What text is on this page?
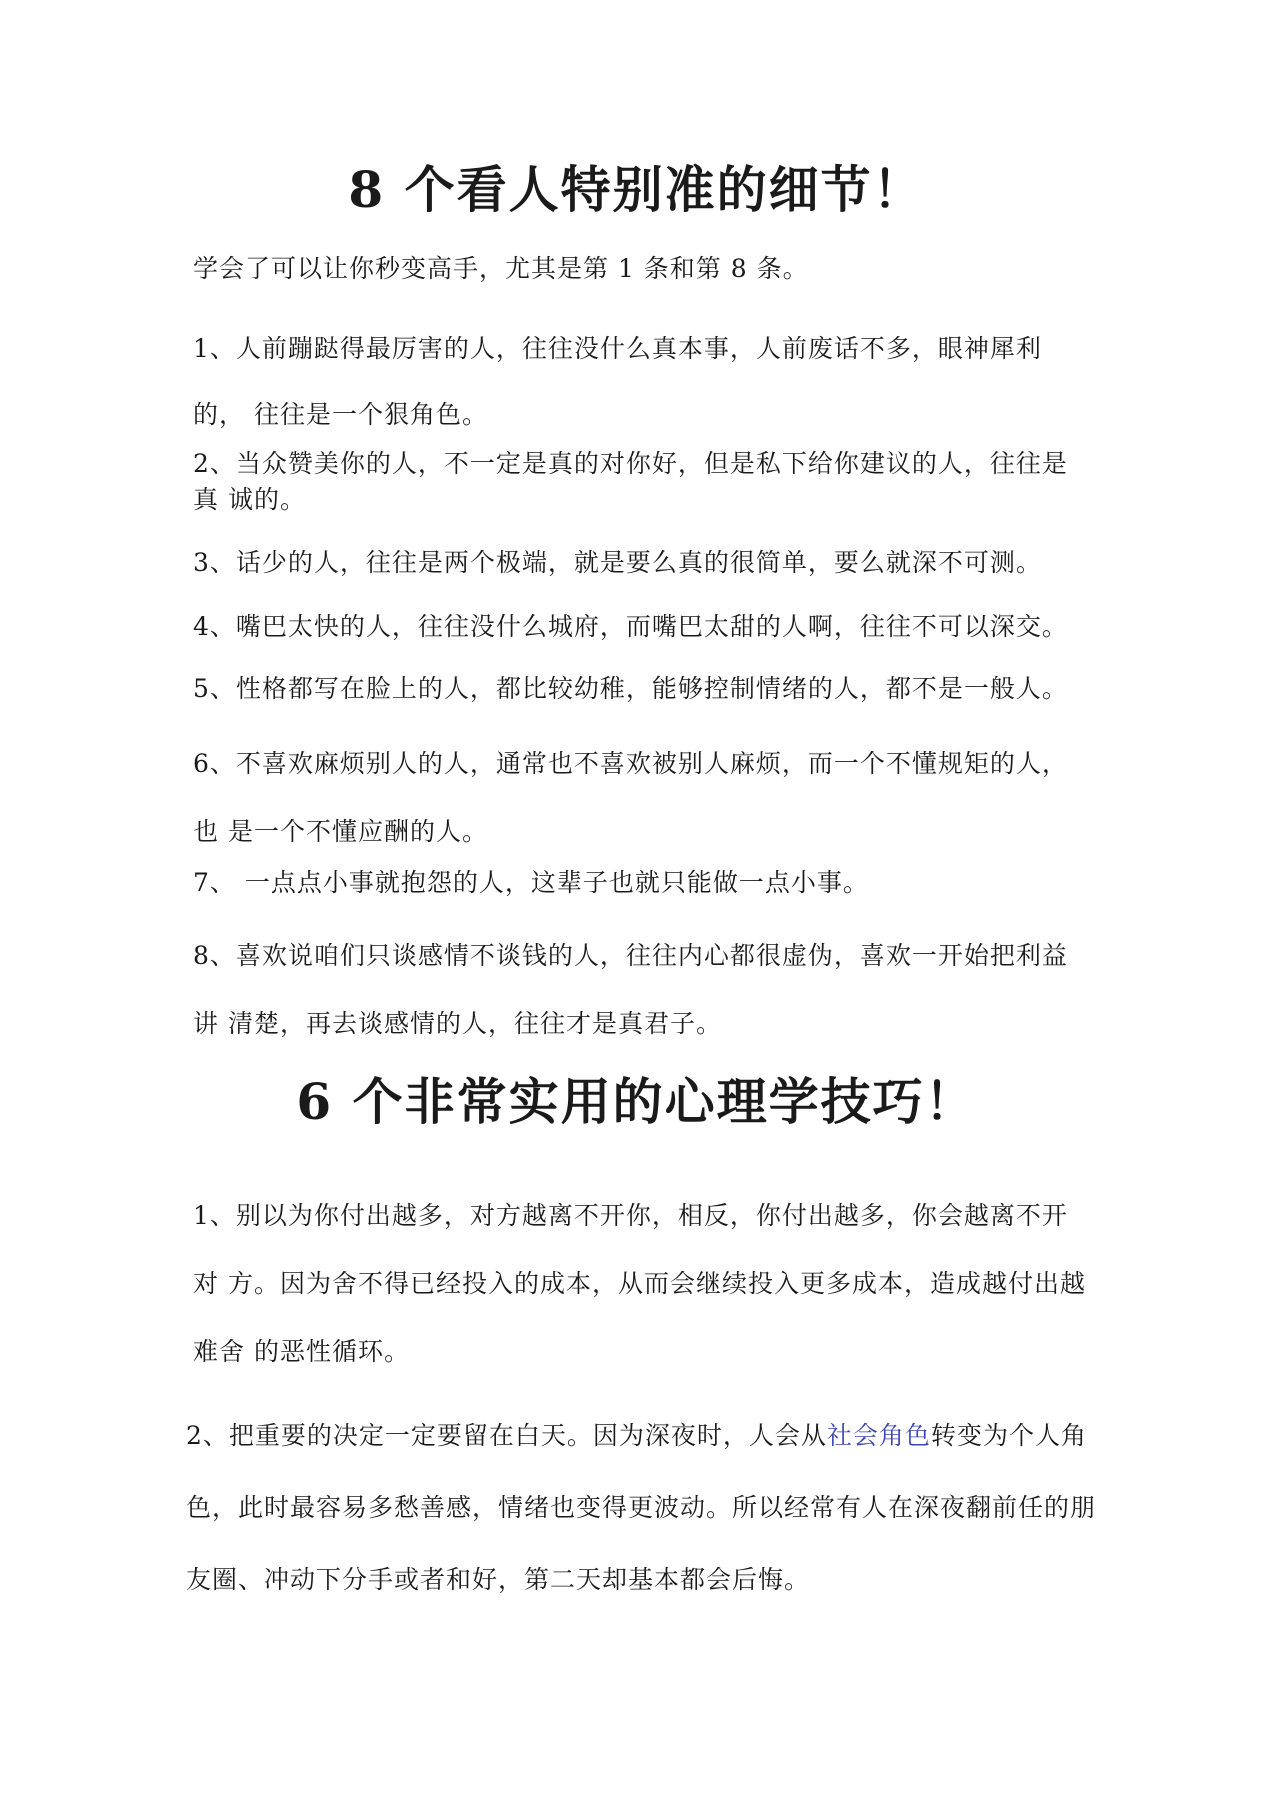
8 个看人特别准的细节！

学会了可以让你秒变高手，尤其是第 1 条和第 8 条。

1、人前蹦跶得最厉害的人，往往没什么真本事，人前废话不多，眼神犀利的， 往往是一个狠角色。

2、当众赞美你的人，不一定是真的对你好，但是私下给你建议的人，往往是真 诚的。

3、话少的人，往往是两个极端，就是要么真的很简单，要么就深不可测。

4、嘴巴太快的人，往往没什么城府，而嘴巴太甜的人啊，往往不可以深交。

5、性格都写在脸上的人，都比较幼稚，能够控制情绪的人，都不是一般人。

6、不喜欢麻烦别人的人，通常也不喜欢被别人麻烦，而一个不懂规矩的人，也 是一个不懂应酬的人。

7、 一点点小事就抱怨的人，这辈子也就只能做一点小事。

8、喜欢说咱们只谈感情不谈钱的人，往往内心都很虚伪，喜欢一开始把利益讲 清楚，再去谈感情的人，往往才是真君子。

6 个非常实用的心理学技巧！

1、别以为你付出越多，对方越离不开你，相反，你付出越多，你会越离不开对 方。因为舍不得已经投入的成本，从而会继续投入更多成本，造成越付出越难舍 的恶性循环。

2、把重要的决定一定要留在白天。因为深夜时，人会从社会角色转变为个人角 色，此时最容易多愁善感，情绪也变得更波动。所以经常有人在深夜翻前任的朋 友圈、冲动下分手或者和好，第二天却基本都会后悔。
